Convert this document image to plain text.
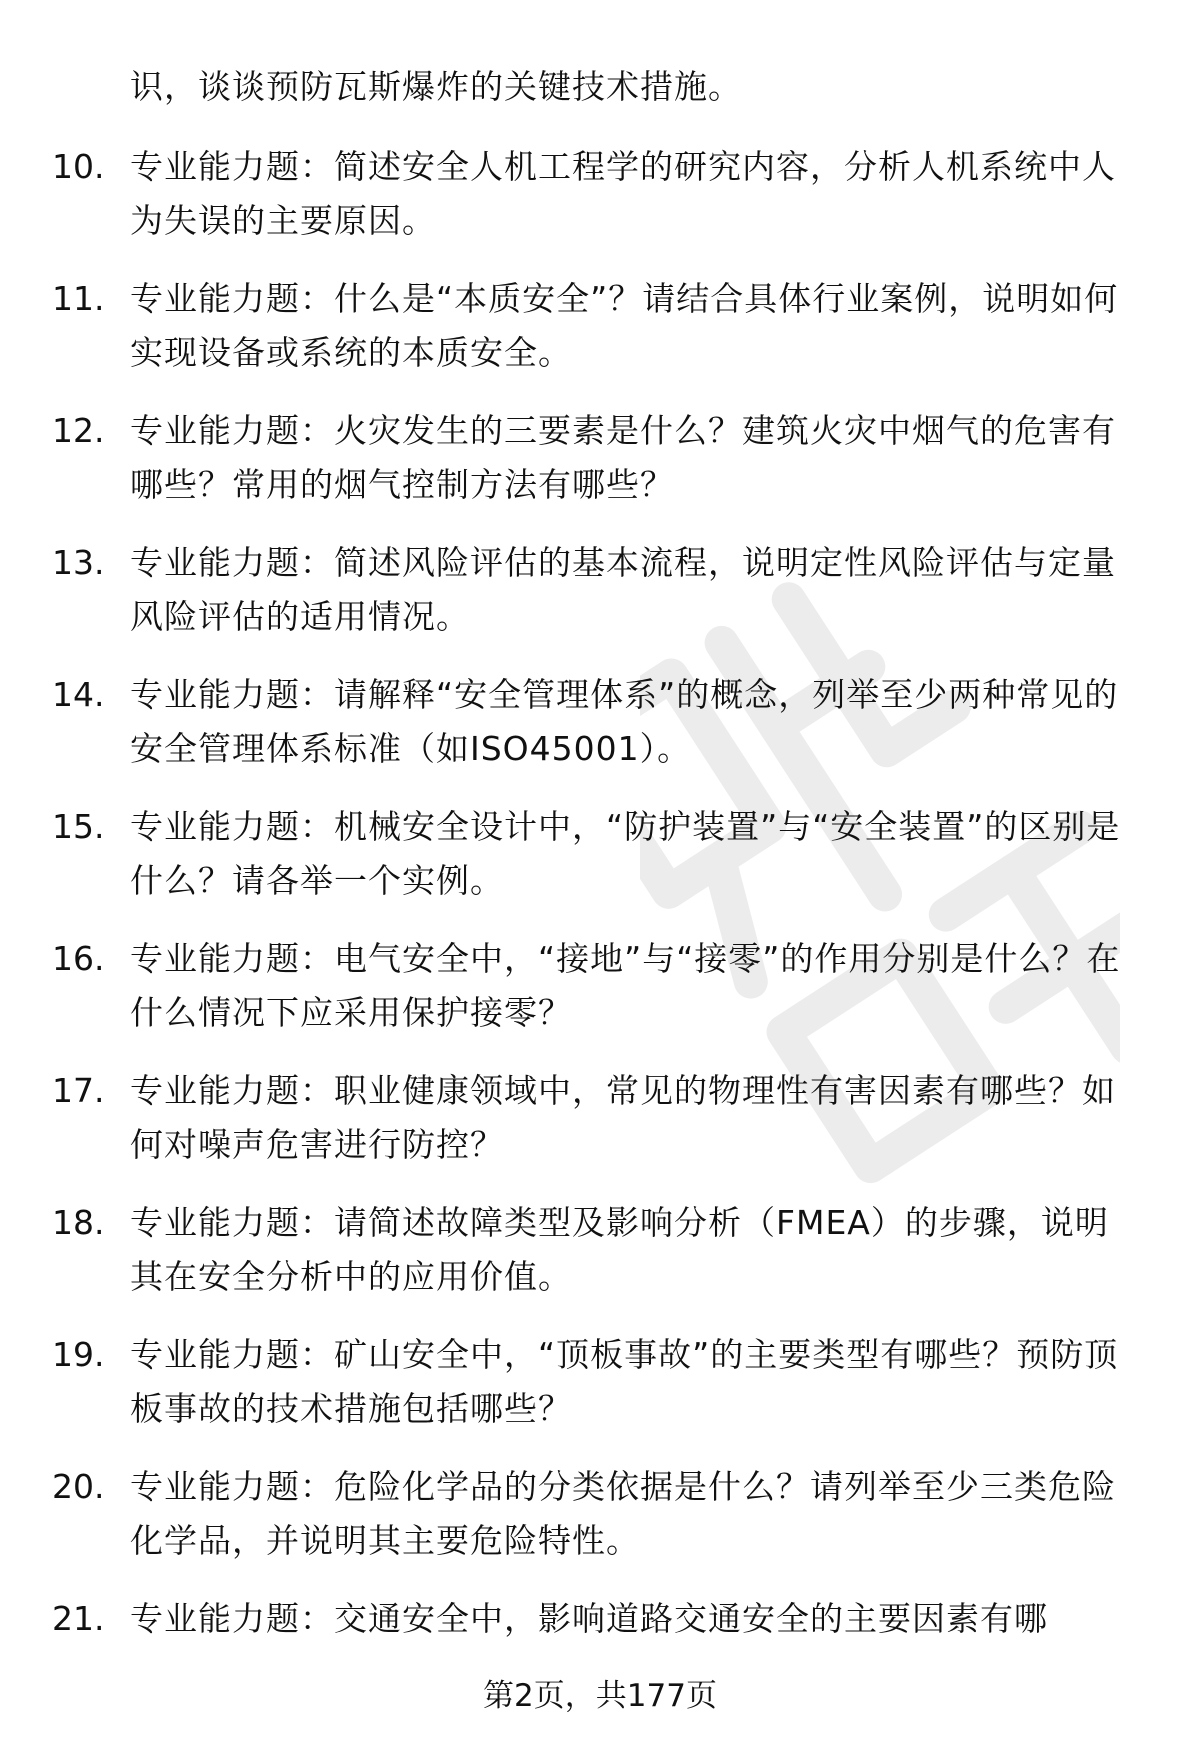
识，谈谈预防瓦斯爆炸的关键技术措施。

10. 专业能力题：简述安全人机工程学的研究内容，分析人机系统中人为失误的主要原因。

11. 专业能力题：什么是“本质安全”？请结合具体行业案例，说明如何实现设备或系统的本质安全。

12. 专业能力题：火灾发生的三要素是什么？建筑火灾中烟气的危害有哪些？常用的烟气控制方法有哪些？

13. 专业能力题：简述风险评估的基本流程，说明定性风险评估与定量风险评估的适用情况。

14. 专业能力题：请解释“安全管理体系”的概念，列举至少两种常见的安全管理体系标准（如ISO45001）。

15. 专业能力题：机械安全设计中，“防护装置”与“安全装置”的区别是什么？请各举一个实例。

16. 专业能力题：电气安全中，“接地”与“接零”的作用分别是什么？在什么情况下应采用保护接零？

17. 专业能力题：职业健康领域中，常见的物理性有害因素有哪些？如何对噪声危害进行防控？

18. 专业能力题：请简述故障类型及影响分析（FMEA）的步骤，说明其在安全分析中的应用价值。

19. 专业能力题：矿山安全中，“顶板事故”的主要类型有哪些？预防顶板事故的技术措施包括哪些？

20. 专业能力题：危险化学品的分类依据是什么？请列举至少三类危险化学品，并说明其主要危险特性。

21. 专业能力题：交通安全中，影响道路交通安全的主要因素有哪

第2页，共177页
